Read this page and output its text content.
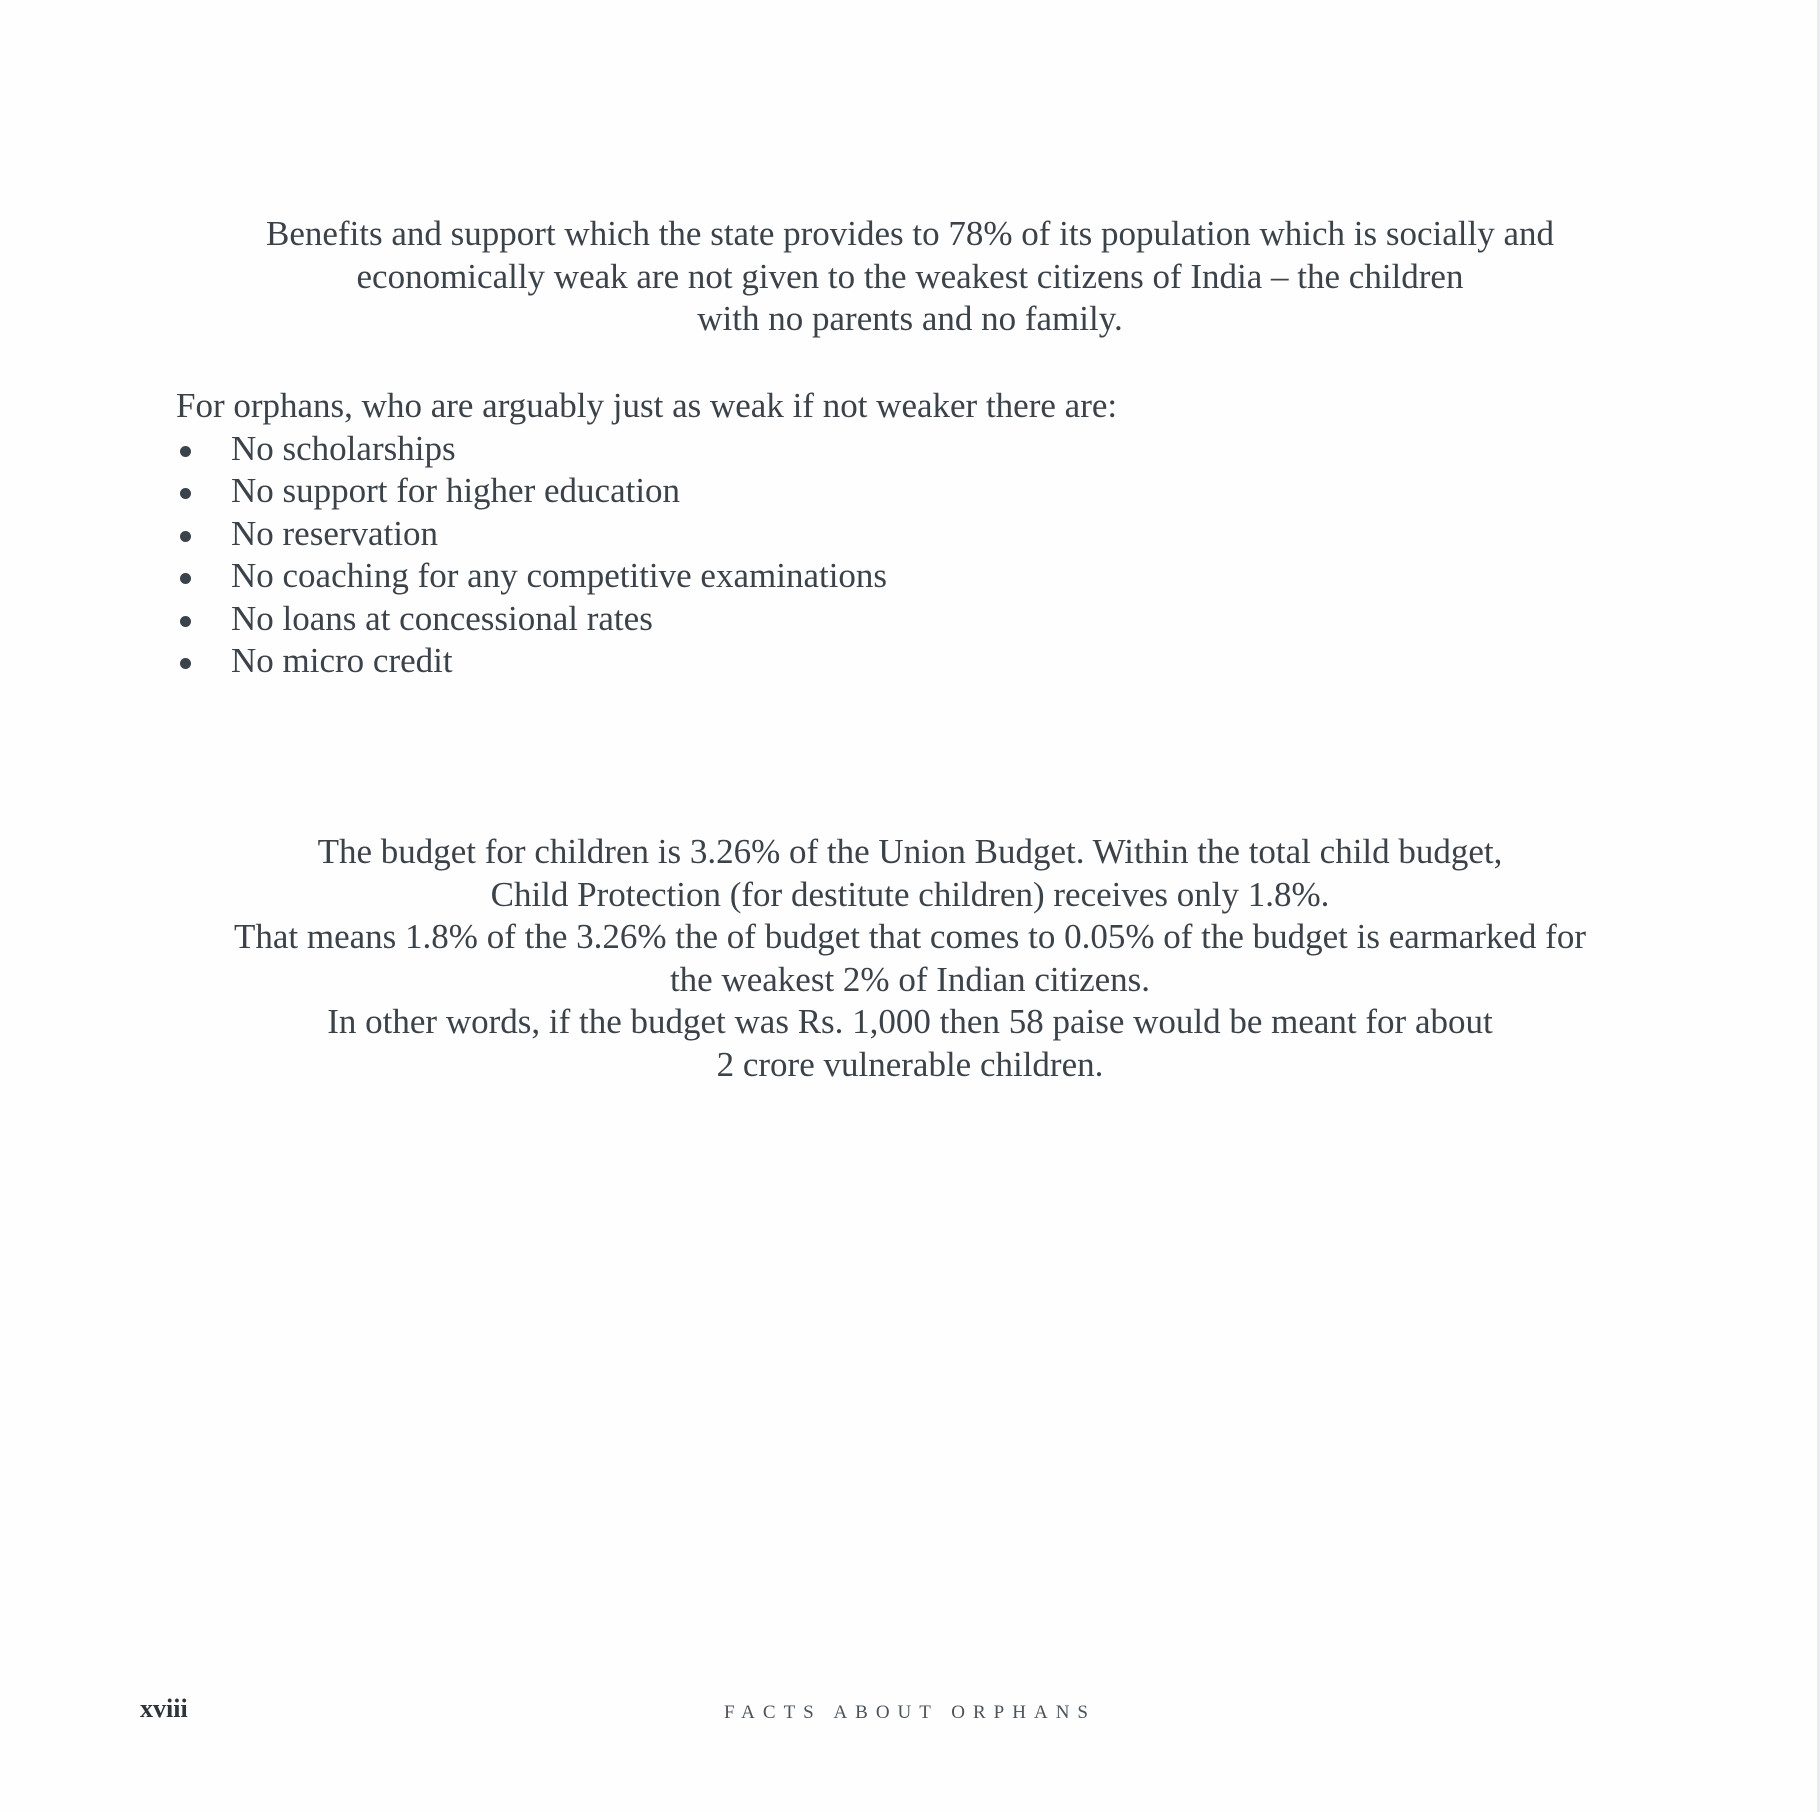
Benefits and support which the state provides to 78% of its population which is socially and
economically weak are not given to the weakest citizens of India – the children
with no parents and no family.
For orphans, who are arguably just as weak if not weaker there are:
No scholarships
No support for higher education
No reservation
No coaching for any competitive examinations
No loans at concessional rates
No micro credit
The budget for children is 3.26% of the Union Budget. Within the total child budget,
Child Protection (for destitute children) receives only 1.8%.
That means 1.8% of the 3.26% the of budget that comes to 0.05% of the budget is earmarked for
the weakest 2% of Indian citizens.
In other words, if the budget was Rs. 1,000 then 58 paise would be meant for about
2 crore vulnerable children.
xviii	FACTS ABOUT ORPHANS
